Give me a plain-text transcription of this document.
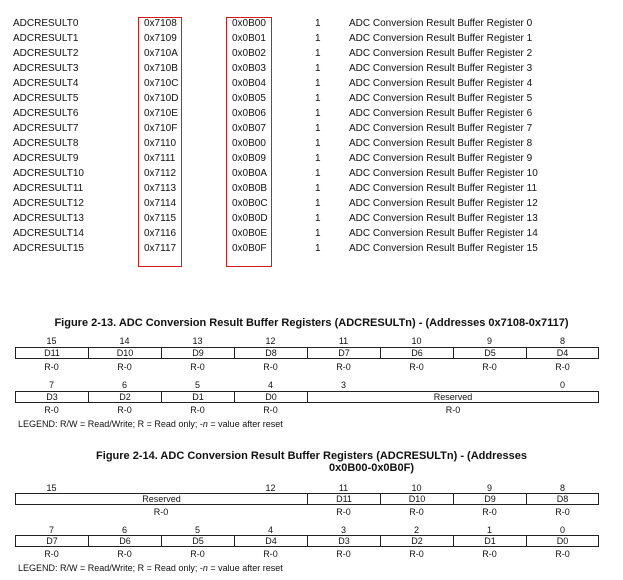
ADCRESULT0	0x7108	0x0B00	1	ADC Conversion Result Buffer Register 0
ADCRESULT1	0x7109	0x0B01	1	ADC Conversion Result Buffer Register 1
ADCRESULT2	0x710A	0x0B02	1	ADC Conversion Result Buffer Register 2
ADCRESULT3	0x710B	0x0B03	1	ADC Conversion Result Buffer Register 3
ADCRESULT4	0x710C	0x0B04	1	ADC Conversion Result Buffer Register 4
ADCRESULT5	0x710D	0x0B05	1	ADC Conversion Result Buffer Register 5
ADCRESULT6	0x710E	0x0B06	1	ADC Conversion Result Buffer Register 6
ADCRESULT7	0x710F	0x0B07	1	ADC Conversion Result Buffer Register 7
ADCRESULT8	0x7110	0x0B00	1	ADC Conversion Result Buffer Register 8
ADCRESULT9	0x7111	0x0B09	1	ADC Conversion Result Buffer Register 9
ADCRESULT10	0x7112	0x0B0A	1	ADC Conversion Result Buffer Register 10
ADCRESULT11	0x7113	0x0B0B	1	ADC Conversion Result Buffer Register 11
ADCRESULT12	0x7114	0x0B0C	1	ADC Conversion Result Buffer Register 12
ADCRESULT13	0x7115	0x0B0D	1	ADC Conversion Result Buffer Register 13
ADCRESULT14	0x7116	0x0B0E	1	ADC Conversion Result Buffer Register 14
ADCRESULT15	0x7117	0x0B0F	1	ADC Conversion Result Buffer Register 15
Figure 2-13. ADC Conversion Result Buffer Registers (ADCRESULTn) - (Addresses 0x7108-0x7117)
15	14	13	12	11	10	9	8
D11	D10	D9	D8	D7	D6	D5	D4
R-0	R-0	R-0	R-0	R-0	R-0	R-0	R-0
7	6	5	4	3	0
D3	D2	D1	D0	Reserved
R-0	R-0	R-0	R-0	R-0
LEGEND: R/W = Read/Write; R = Read only; -n = value after reset
Figure 2-14. ADC Conversion Result Buffer Registers (ADCRESULTn) - (Addresses
0x0B00-0x0B0F)
15	12	11	10	9	8
Reserved	D11	D10	D9	D8
R-0	R-0	R-0	R-0	R-0
7	6	5	4	3	2	1	0
D7	D6	D5	D4	D3	D2	D1	D0
R-0	R-0	R-0	R-0	R-0	R-0	R-0	R-0
LEGEND: R/W = Read/Write; R = Read only; -n = value after reset
